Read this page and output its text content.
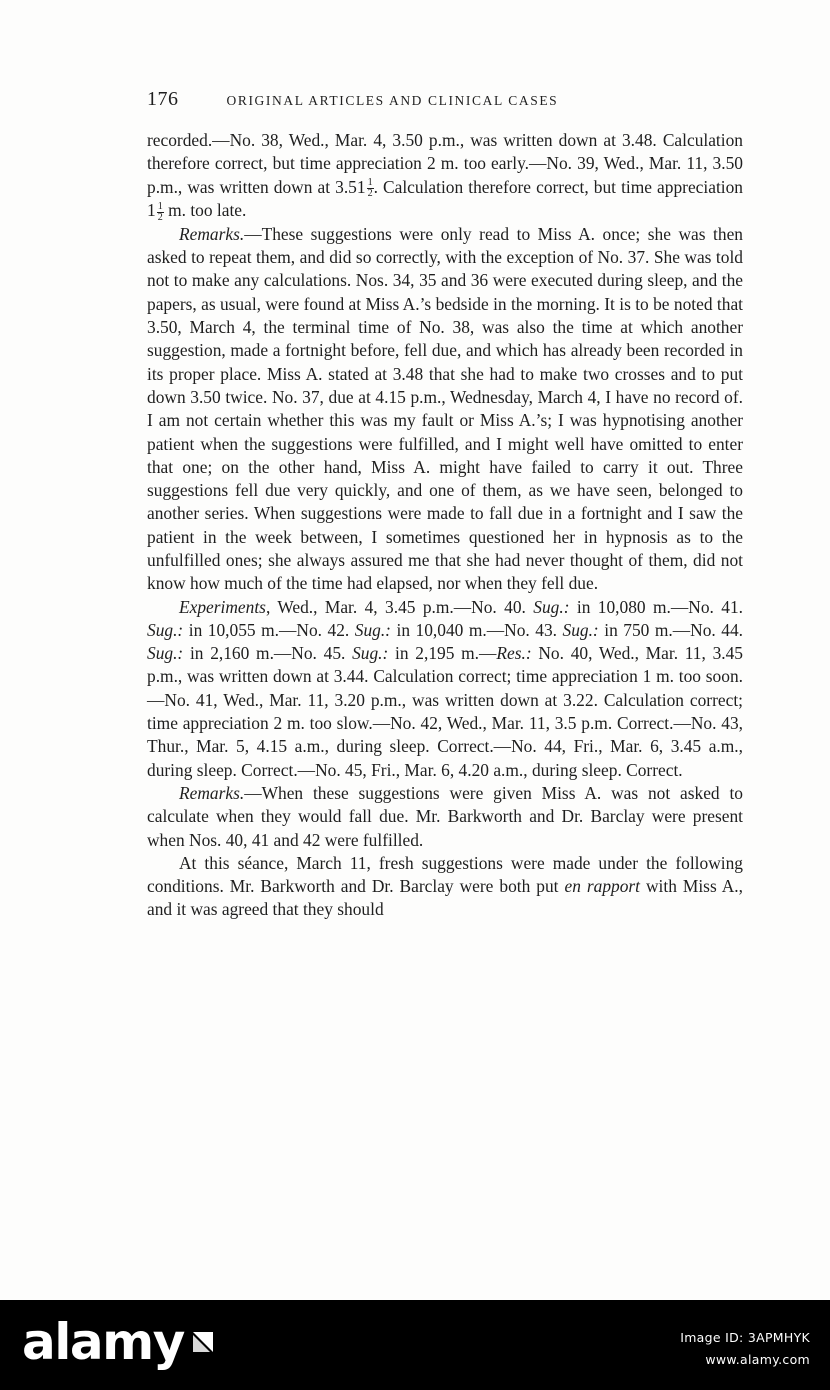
176	ORIGINAL ARTICLES AND CLINICAL CASES

recorded.—No. 38, Wed., Mar. 4, 3.50 p.m., was written down at 3.48. Calculation therefore correct, but time appreciation 2 m. too early.—No. 39, Wed., Mar. 11, 3.50 p.m., was written down at $3.51 \frac{1}{2}$ . Calculation therefore correct, but time appreciation $1 \frac{1}{2} m$. too late.

Remarks.—These suggestions were only read to Miss A. once; she was then asked to repeat them, and did so correctly, with the exception of No. 37. She was told not to make any calculations. Nos. 34, 35 and 36 were executed during sleep, and the papers, as usual, were found at Miss A.’s bedside in the morning. It is to be noted that 3.50, March 4, the terminal time of No. 38, was also the time at which another suggestion, made a fortnight before, fell due, and which has already been recorded in its proper place. Miss A. stated at 3.48 that she had to make two crosses and to put down 3.50 twice. No. 37, due at 4.15 p.m., Wednesday, March 4, I have no record of. I am not certain whether this was my fault or Miss A.’s; I was hypnotising another patient when the suggestions were fulfilled, and I might well have omitted to enter that one; on the other hand, Miss A. might have failed to carry it out. Three suggestions fell due very quickly, and one of them, as we have seen, belonged to another series. When suggestions were made to fall due in a fortnight and I saw the patient in the week between, I sometimes questioned her in hypnosis as to the unfulfilled ones; she always assured me that she had never thought of them, did not know how much of the time had elapsed, nor when they fell due.

Experiments, Wed., Mar. 4, 3.45 p.m.—No. 40. Sug.: in 10,080 m.—No. 41. Sug.: in 10,055 m.—No. 42. Sug.: in 10,040 m.—No. 43. Sug.: in 750 m.—No. 44. Sug.: in 2,160 m.—No. 45. Sug.: in 2,195 m.—Res.: No. 40, Wed., Mar. 11, 3.45 p.m., was written down at 3.44. Calculation correct; time appreciation 1 m. too soon.—No. 41, Wed., Mar. 11, 3.20 p.m., was written down at 3.22. Calculation correct; time appreciation 2 m. too slow.—No. 42, Wed., Mar. 11, 3.5 p.m. Correct.—No. 43, Thur., Mar. 5, 4.15 a.m., during sleep. Correct.—No. 44, Fri., Mar. 6, 3.45 a.m., during sleep. Correct.—No. 45, Fri., Mar. 6, 4.20 a.m., during sleep. Correct.

Remarks.—When these suggestions were given Miss A. was not asked to calculate when they would fall due. Mr. Barkworth and Dr. Barclay were present when Nos. 40, 41 and 42 were fulfilled.

At this séance, March 11, fresh suggestions were made under the following conditions. Mr. Barkworth and Dr. Barclay were both put en rapport with Miss A., and it was agreed that they should

alamy	Image ID: 3APMHYK
www.alamy.com
